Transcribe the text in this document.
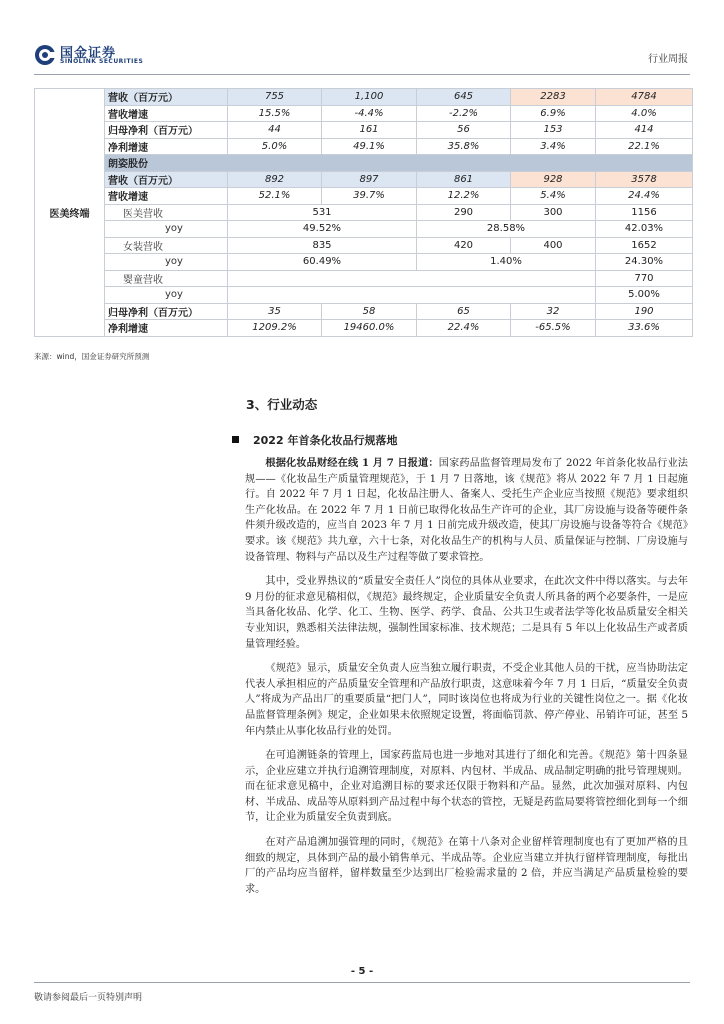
国金证券
SINOLINK SECURITIES	行业周报
医美终端	营收（百万元）	755	1,100	645	2283	4784
	营收增速	15.5%	-4.4%	-2.2%	6.9%	4.0%
	归母净利（百万元）	44	161	56	153	414
	净利增速	5.0%	49.1%	35.8%	3.4%	22.1%
	朗姿股份					
	营收（百万元）	892	897	861	928	3578
	营收增速	52.1%	39.7%	12.2%	5.4%	24.4%
	医美营收	531		290	300	1156
	yoy	49.52%		28.58%		42.03%
	女装营收	835		420	400	1652
	yoy	60.49%		1.40%		24.30%
	婴童营收					770
	yoy					5.00%
	归母净利（百万元）	35	58	65	32	190
	净利增速	1209.2%	19460.0%	22.4%	-65.5%	33.6%
来源：wind，国金证券研究所预测
3、行业动态
2022 年首条化妆品行规落地

根据化妆品财经在线 1 月 7 日报道：国家药品监督管理局发布了 2022 年首条化妆品行业法规——《化妆品生产质量管理规范》，于 1 月 7 日落地，该《规范》将从 2022 年 7 月 1 日起施行。自 2022 年 7 月 1 日起，化妆品注册人、备案人、受托生产企业应当按照《规范》要求组织生产化妆品。在 2022 年 7 月 1 日前已取得化妆品生产许可的企业，其厂房设施与设备等硬件条件须升级改造的，应当自 2023 年 7 月 1 日前完成升级改造，使其厂房设施与设备等符合《规范》要求。该《规范》共九章，六十七条，对化妆品生产的机构与人员、质量保证与控制、厂房设施与设备管理、物料与产品以及生产过程等做了要求管控。

其中，受业界热议的“质量安全责任人”岗位的具体从业要求，在此次文件中得以落实。与去年 9 月份的征求意见稿相似，《规范》最终规定，企业质量安全负责人所具备的两个必要条件，一是应当具备化妆品、化学、化工、生物、医学、药学、食品、公共卫生或者法学等化妆品质量安全相关专业知识，熟悉相关法律法规，强制性国家标准、技术规范；二是具有 5 年以上化妆品生产或者质量管理经验。

《规范》显示，质量安全负责人应当独立履行职责，不受企业其他人员的干扰，应当协助法定代表人承担相应的产品质量安全管理和产品放行职责，这意味着今年 7 月 1 日后，“质量安全负责人”将成为产品出厂的重要质量“把门人”，同时该岗位也将成为行业的关键性岗位之一。据《化妆品监督管理条例》规定，企业如果未依照规定设置，将面临罚款、停产停业、吊销许可证，甚至 5 年内禁止从事化妆品行业的处罚。

在可追溯链条的管理上，国家药监局也进一步地对其进行了细化和完善。《规范》第十四条显示，企业应建立并执行追溯管理制度，对原料、内包材、半成品、成品制定明确的批号管理规则。而在征求意见稿中，企业对追溯目标的要求还仅限于物料和产品。显然，此次加强对原料、内包材、半成品、成品等从原料到产品过程中每个状态的管控，无疑是药监局要将管控细化到每一个细节，让企业为质量安全负责到底。

在对产品追溯加强管理的同时，《规范》在第十八条对企业留样管理制度也有了更加严格的且细致的规定，具体到产品的最小销售单元、半成品等。企业应当建立并执行留样管理制度，每批出厂的产品均应当留样，留样数量至少达到出厂检验需求量的 2 倍，并应当满足产品质量检验的要求。

- 5 -
敬请参阅最后一页特别声明
